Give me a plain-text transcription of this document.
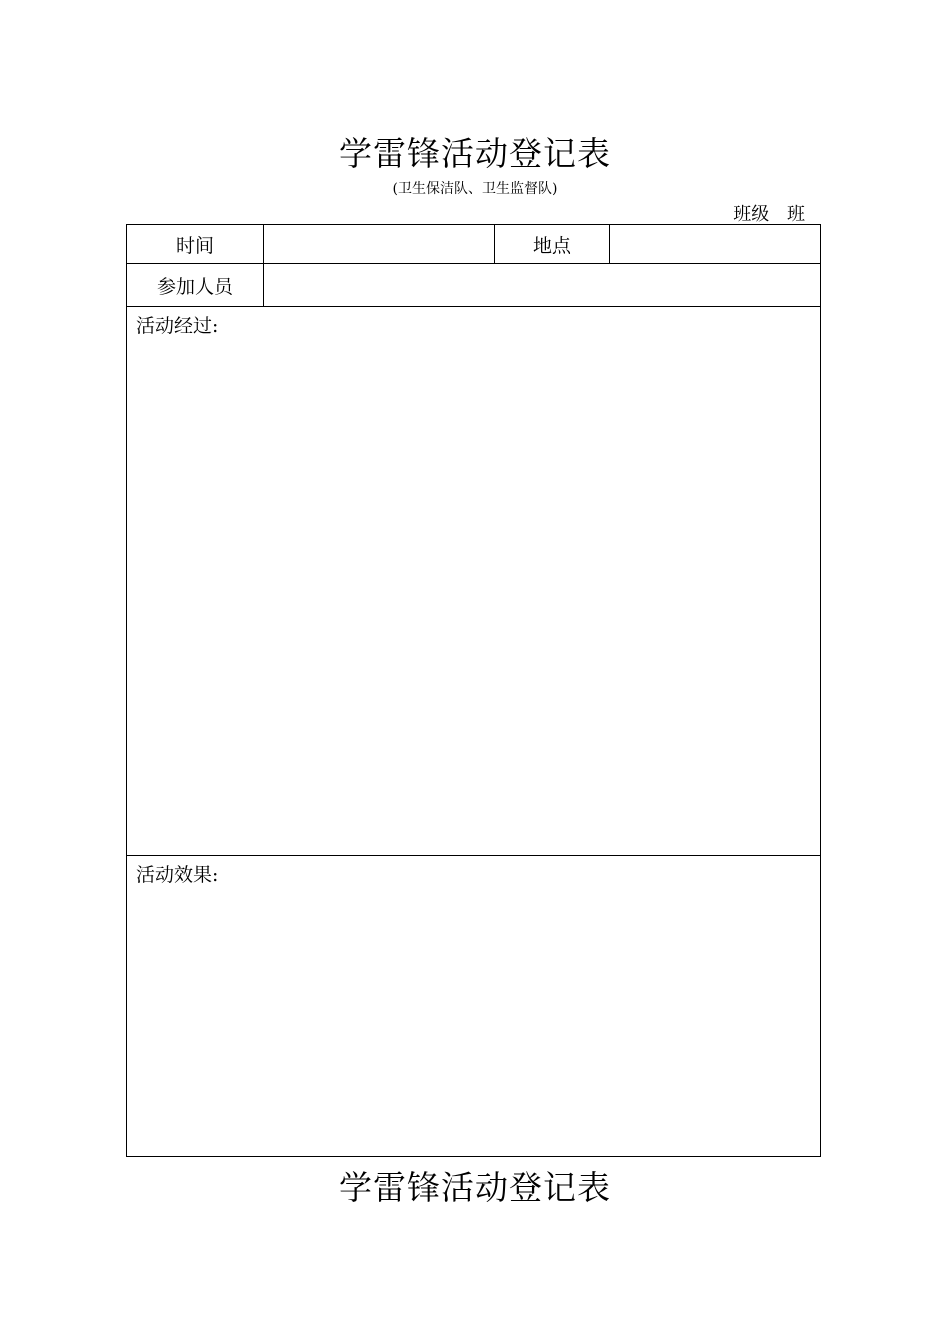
学雷锋活动登记表
(卫生保洁队、卫生监督队)
班级 班
时间		地点	
参加人员			
活动经过:			
活动效果:			
学雷锋活动登记表
